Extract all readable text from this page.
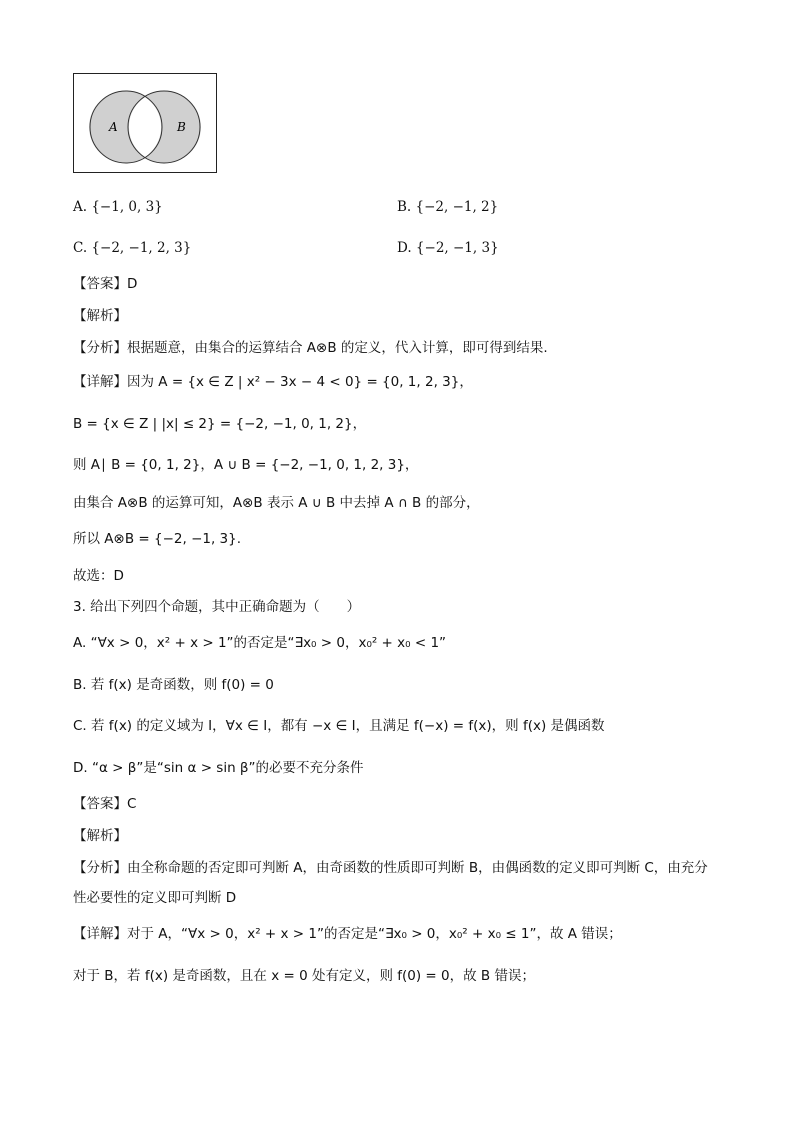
A	B
A. {−1, 0, 3}	B. {−2, −1, 2}
C. {−2, −1, 2, 3}	D. {−2, −1, 3}
【答案】D
【解析】
【分析】根据题意，由集合的运算结合 A⊗B 的定义，代入计算，即可得到结果.
【详解】因为 A = {x ∈ Z | x² − 3x − 4 < 0} = {0, 1, 2, 3}，
B = {x ∈ Z | |x| ≤ 2} = {−2, −1, 0, 1, 2}，
则 A∣ B = {0, 1, 2}，A ∪ B = {−2, −1, 0, 1, 2, 3}，
由集合 A⊗B 的运算可知，A⊗B 表示 A ∪ B 中去掉 A ∩ B 的部分，
所以 A⊗B = {−2, −1, 3}.
故选：D
3. 给出下列四个命题，其中正确命题为（　　）
A. “∀x > 0，x² + x > 1”的否定是“∃x₀ > 0，x₀² + x₀ < 1”
B. 若 f(x) 是奇函数，则 f(0) = 0
C. 若 f(x) 的定义域为 I，∀x ∈ I，都有 −x ∈ I，且满足 f(−x) = f(x)，则 f(x) 是偶函数
D. “α > β”是“sin α > sin β”的必要不充分条件
【答案】C
【解析】
【分析】由全称命题的否定即可判断 A，由奇函数的性质即可判断 B，由偶函数的定义即可判断 C，由充分
性必要性的定义即可判断 D
【详解】对于 A，“∀x > 0，x² + x > 1”的否定是“∃x₀ > 0，x₀² + x₀ ≤ 1”，故 A 错误；
对于 B，若 f(x) 是奇函数，且在 x = 0 处有定义，则 f(0) = 0，故 B 错误；
